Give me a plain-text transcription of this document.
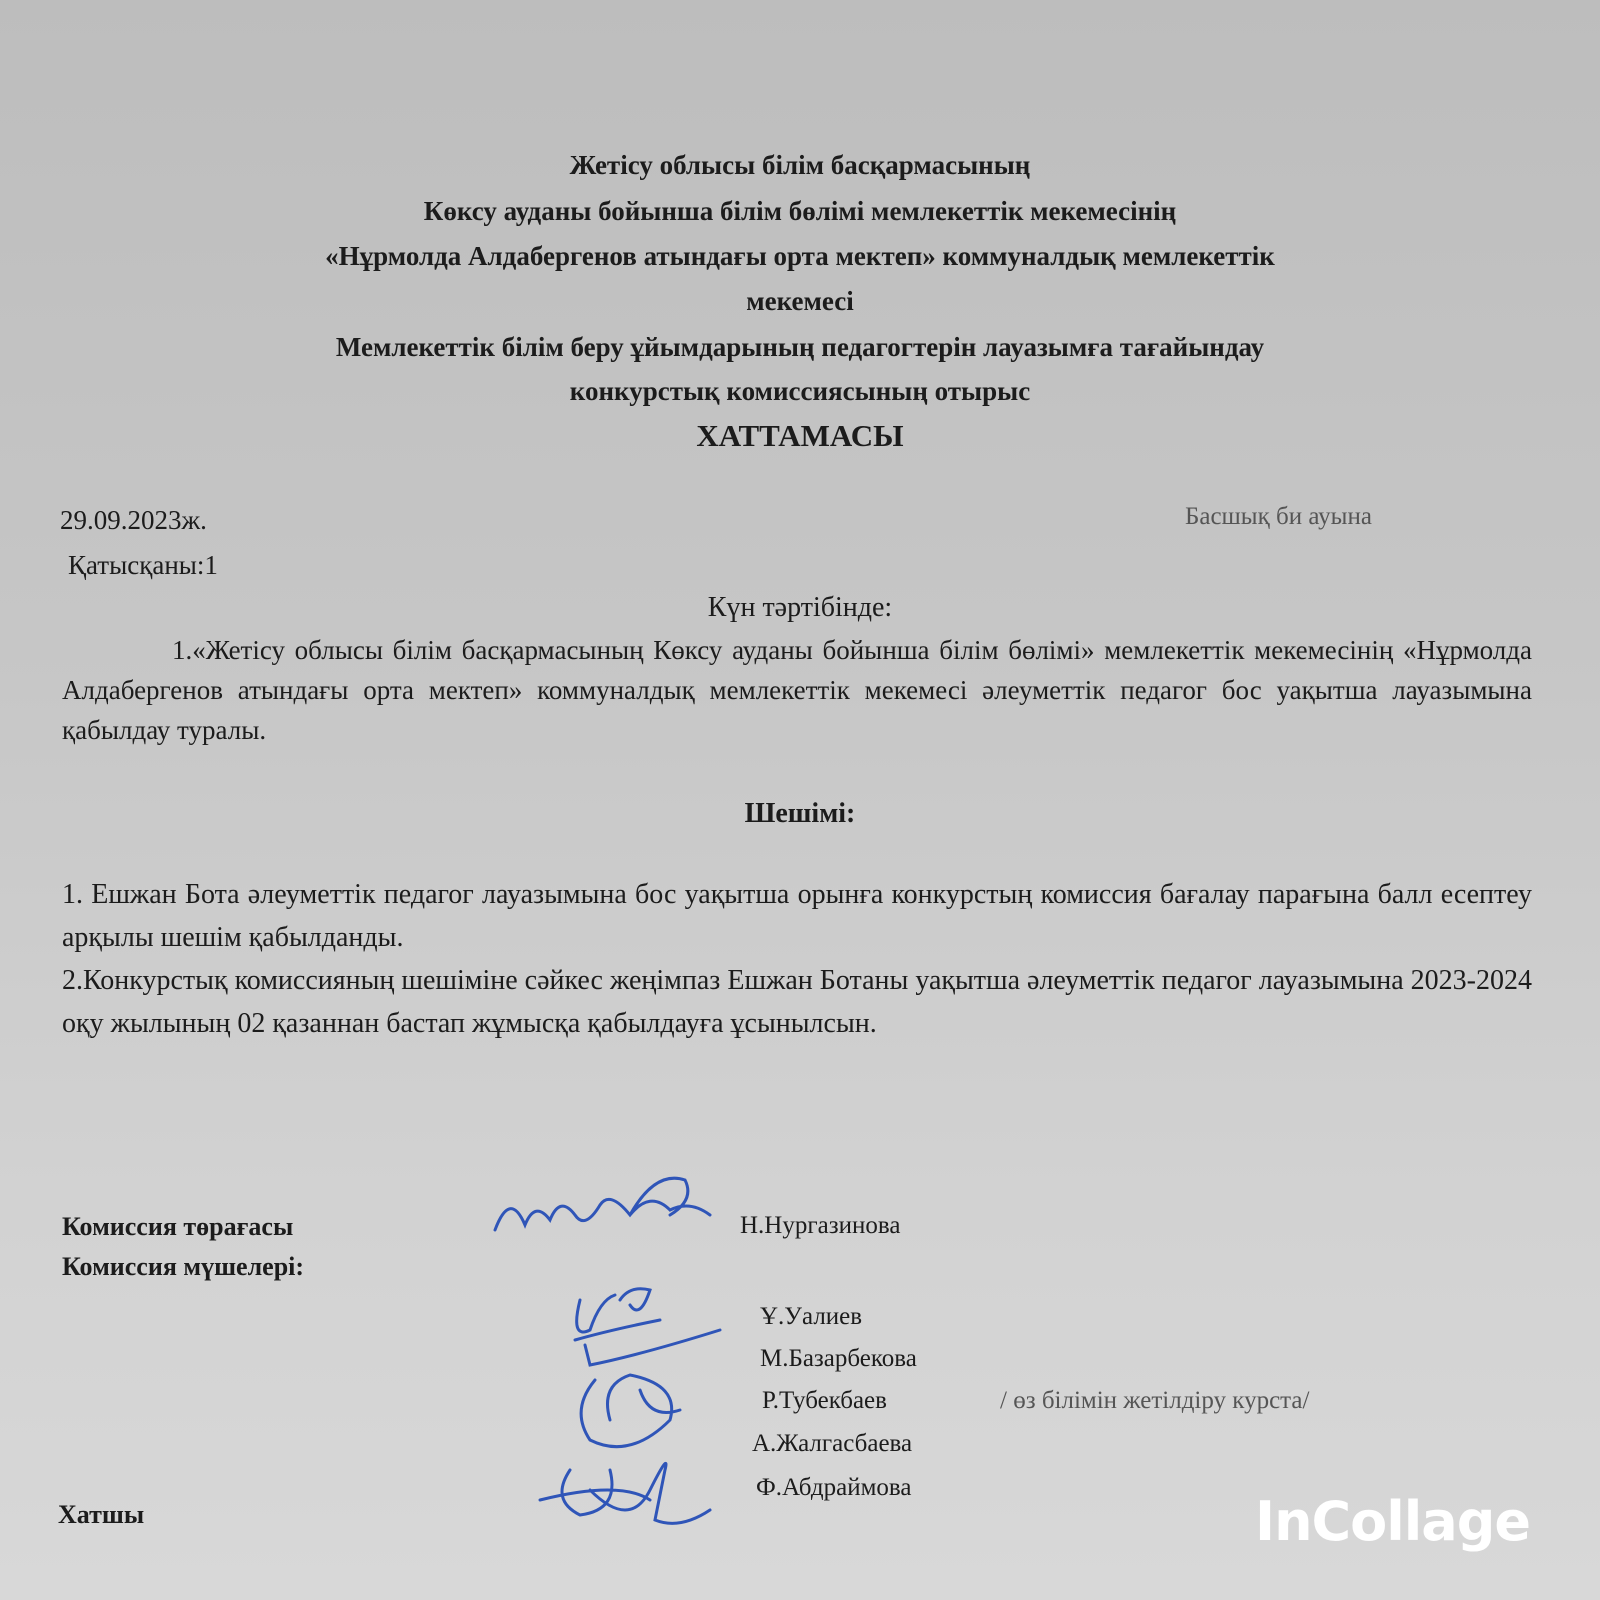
Жетісу облысы білім басқармасының
Көксу ауданы бойынша білім бөлімі мемлекеттік мекемесінің
«Нұрмолда Алдабергенов атындағы орта мектеп» коммуналдық мемлекеттік
мекемесі
Мемлекеттік білім беру ұйымдарының педагогтерін лауазымға тағайындау
конкурстық комиссиясының отырыс
ХАТТАМАСЫ
29.09.2023ж.	Басшық би ауына
Қатысқаны:1
Күн тәртібінде:
1.«Жетісу облысы білім басқармасының Көксу ауданы бойынша білім бөлімі» мемлекеттік мекемесінің «Нұрмолда Алдабергенов атындағы орта мектеп» коммуналдық мемлекеттік мекемесі әлеуметтік педагог бос уақытша лауазымына қабылдау туралы.
Шешімі:
1. Ешжан Бота әлеуметтік педагог лауазымына бос уақытша орынға конкурстың комиссия бағалау парағына балл есептеу арқылы шешім қабылданды.
2.Конкурстық комиссияның шешіміне сәйкес жеңімпаз Ешжан Ботаны уақытша әлеуметтік педагог лауазымына 2023-2024 оқу жылының 02 қазаннан бастап жұмысқа қабылдауға ұсынылсын.
Комиссия төрағасы
Комиссия мүшелері:
Хатшы
Н.Нургазинова
Ұ.Уалиев
М.Базарбекова
Р.Тубекбаев	/ өз білімін жетілдіру курста/
А.Жалгасбаева
Ф.Абдраймова
InCollage
